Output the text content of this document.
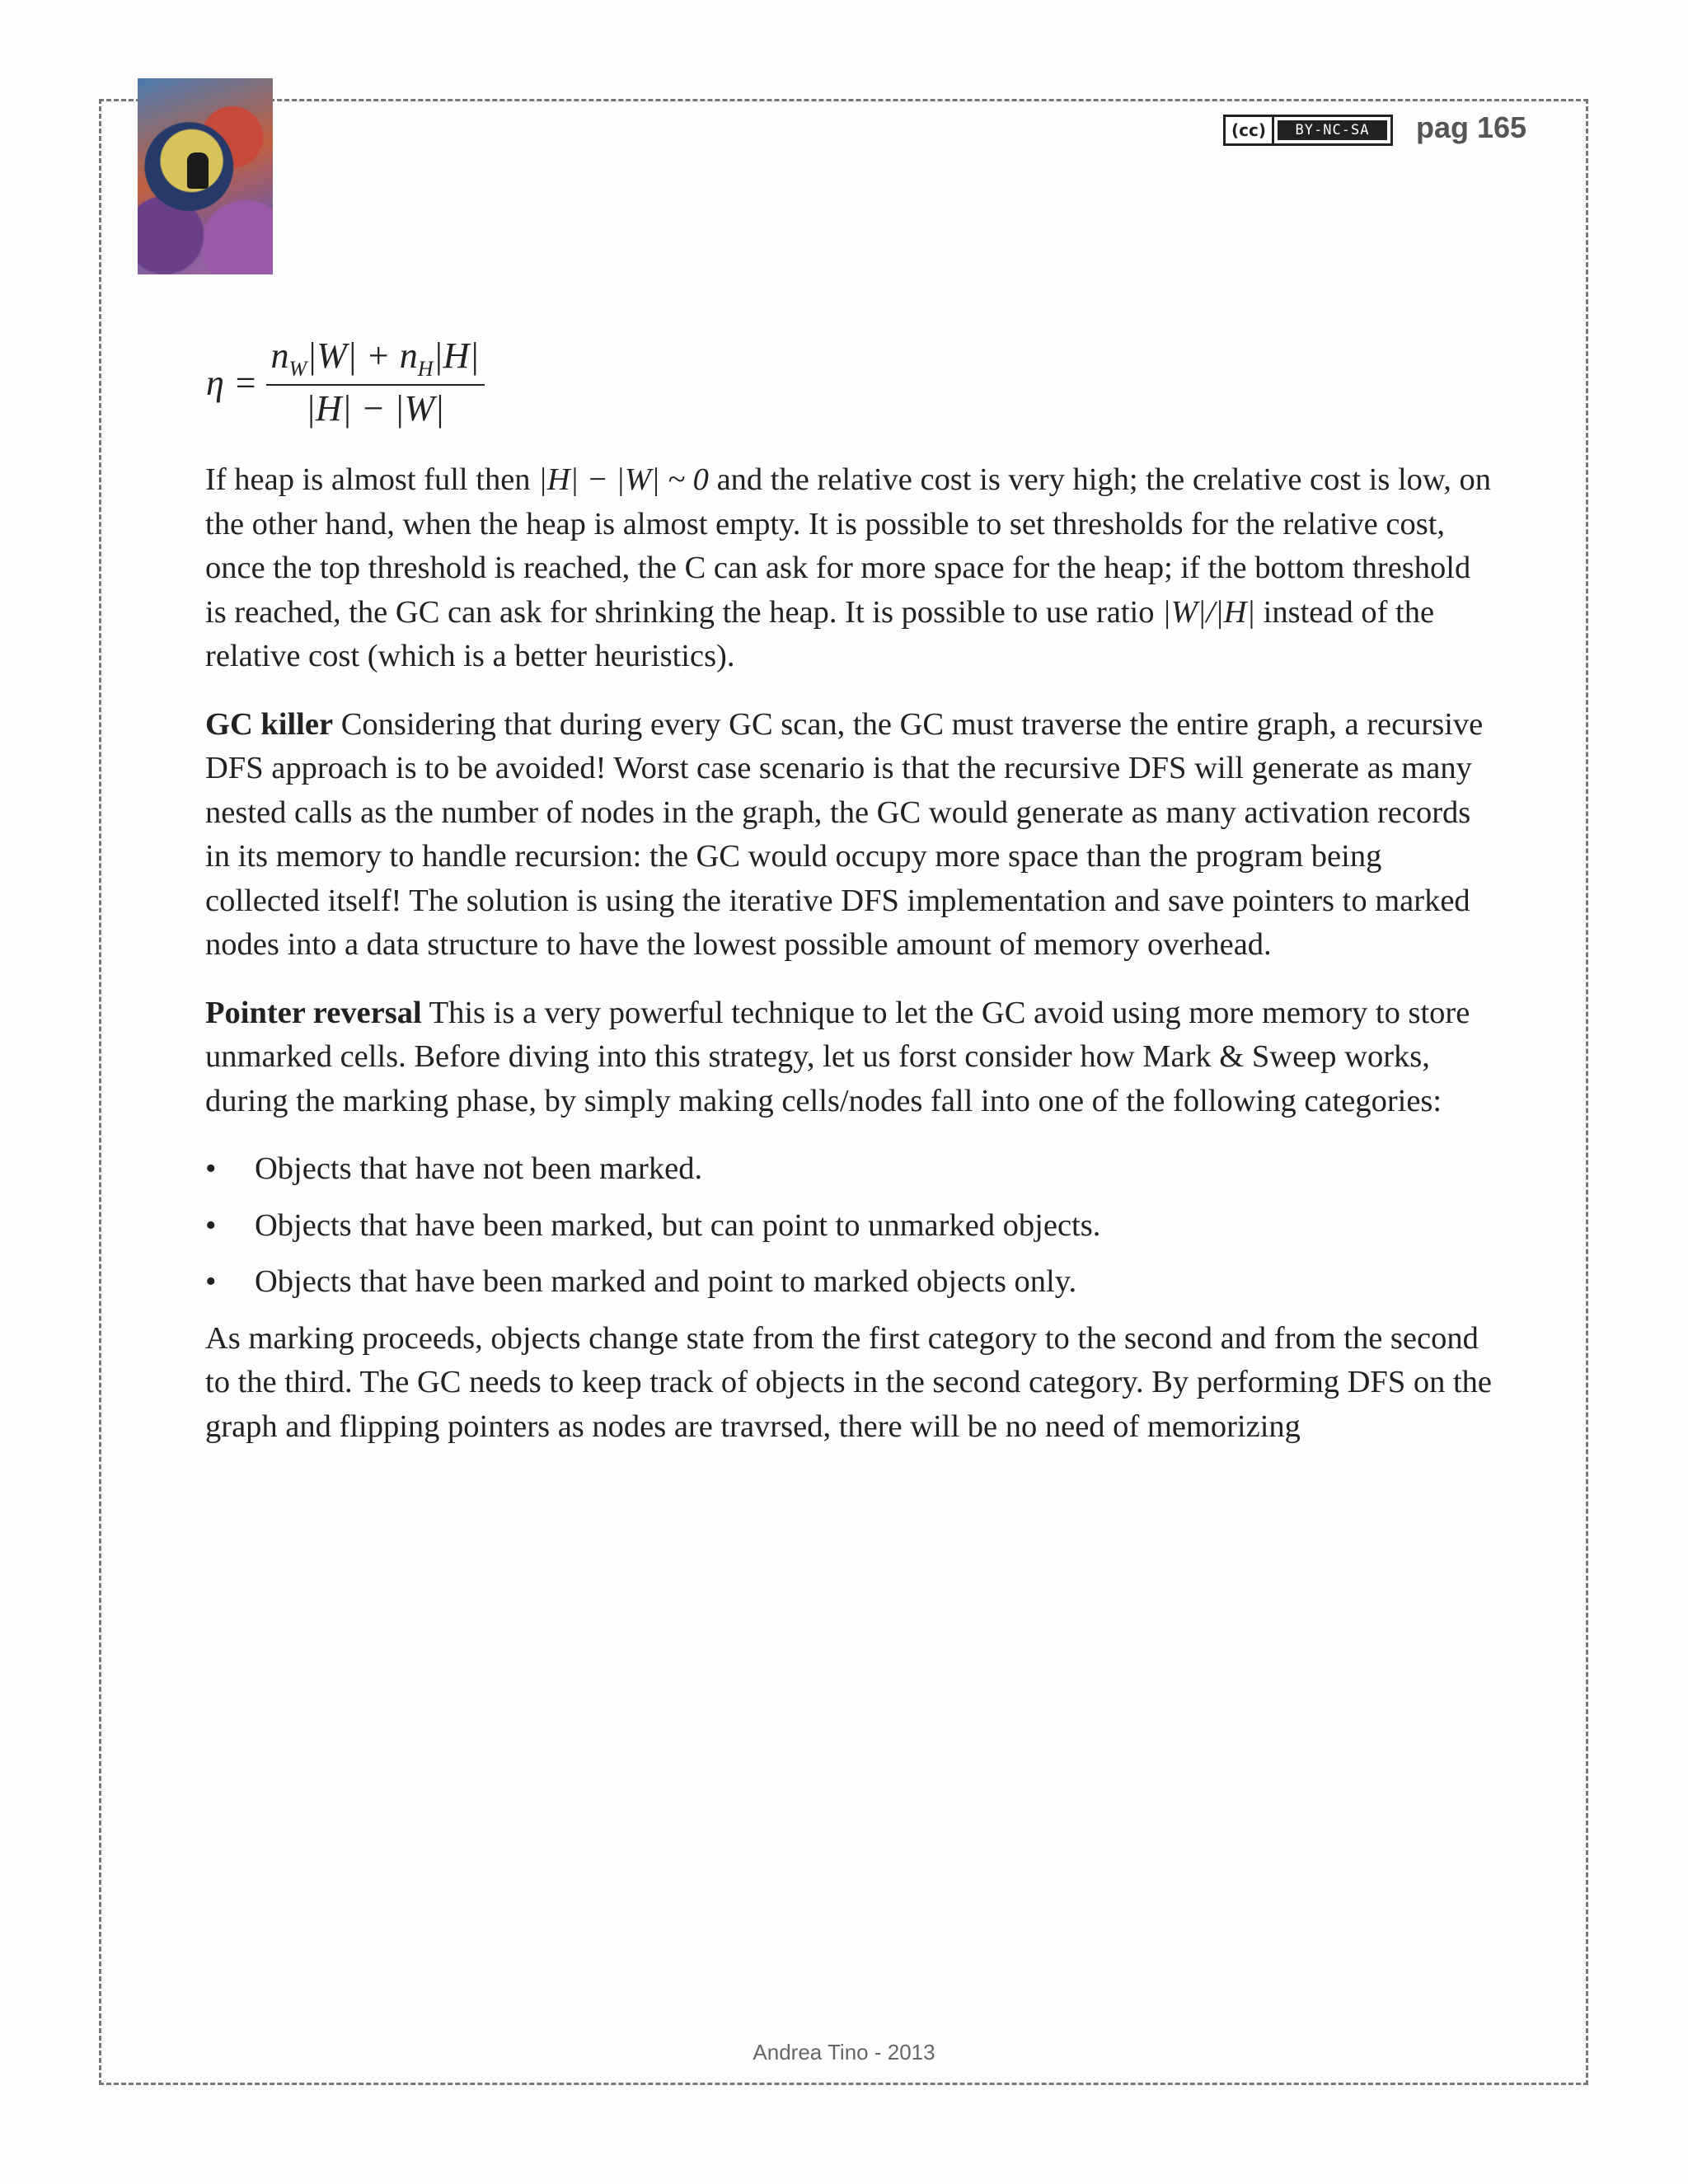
(cc)	BY-NC-SA	pag 165
$\eta = \frac{n_W|W| + n_H|H|}{|H| - |W|}$

If heap is almost full then |H| − |W| ~ 0 and the relative cost is very high; the crelative cost is low, on the other hand, when the heap is almost empty. It is possible to set thresholds for the relative cost, once the top threshold is reached, the C can ask for more space for the heap; if the bottom threshold is reached, the GC can ask for shrinking the heap. It is possible to use ratio |W|/|H| instead of the relative cost (which is a better heuristics).

GC killer Considering that during every GC scan, the GC must traverse the entire graph, a recursive DFS approach is to be avoided! Worst case scenario is that the recursive DFS will generate as many nested calls as the number of nodes in the graph, the GC would generate as many activation records in its memory to handle recursion: the GC would occupy more space than the program being collected itself! The solution is using the iterative DFS implementation and save pointers to marked nodes into a data structure to have the lowest possible amount of memory overhead.

Pointer reversal This is a very powerful technique to let the GC avoid using more memory to store unmarked cells. Before diving into this strategy, let us forst consider how Mark & Sweep works, during the marking phase, by simply making cells/nodes fall into one of the following categories:

• Objects that have not been marked.
• Objects that have been marked, but can point to unmarked objects.
• Objects that have been marked and point to marked objects only.

As marking proceeds, objects change state from the first category to the second and from the second to the third. The GC needs to keep track of objects in the second category. By performing DFS on the graph and flipping pointers as nodes are travrsed, there will be no need of memorizing

Andrea Tino - 2013
